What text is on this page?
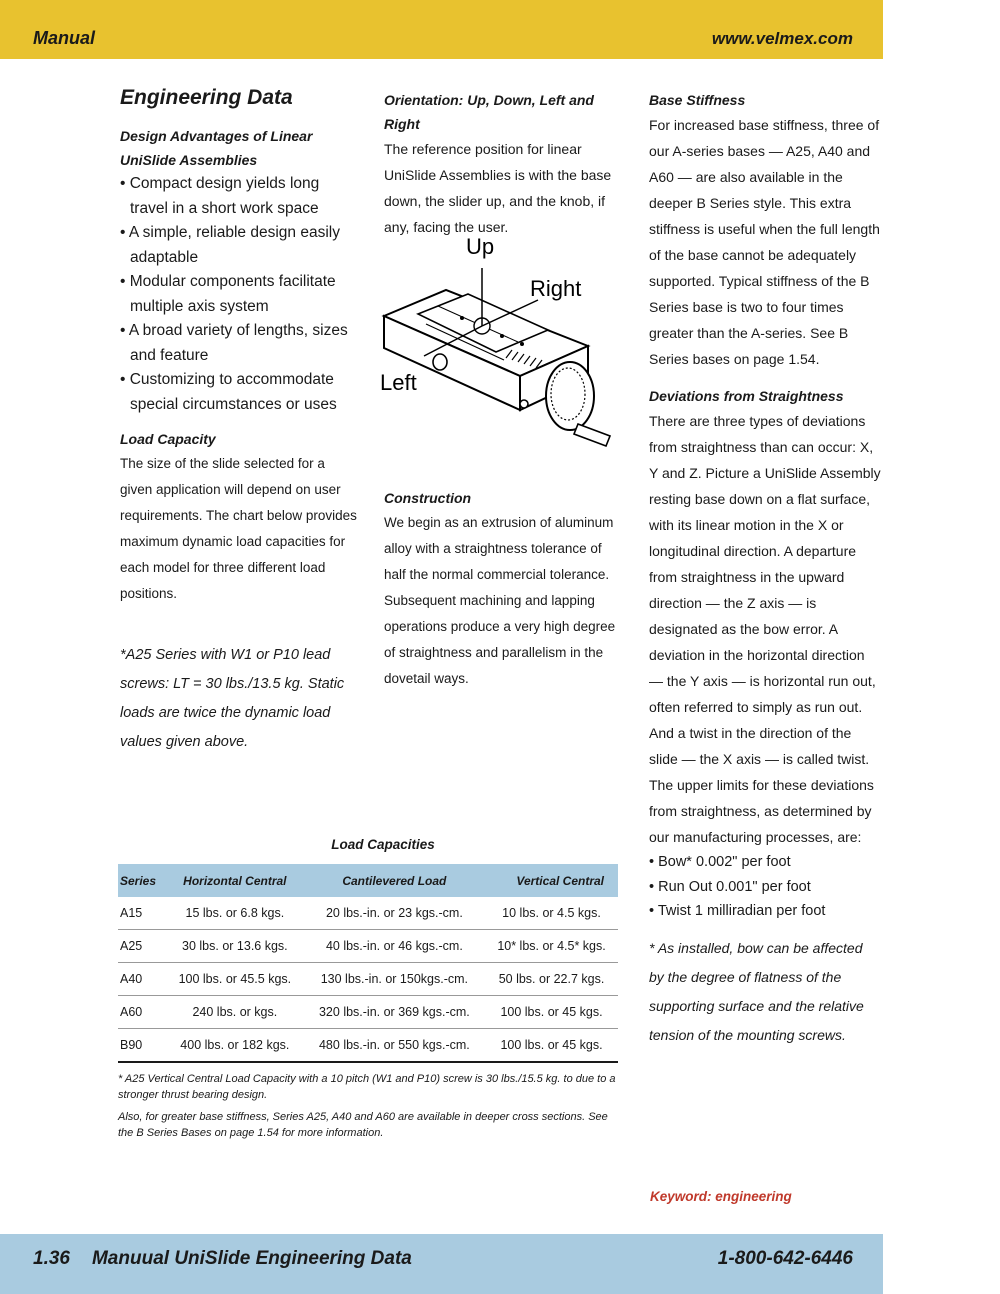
Manual	www.velmex.com
Engineering Data

Design Advantages of Linear

UniSlide Assemblies

• Compact design yields long travel in a short work space
• A simple, reliable design easily adaptable
• Modular components facilitate multiple axis system
• A broad variety of lengths, sizes and feature
• Customizing to accommodate special circumstances or uses

Load Capacity

The size of the slide selected for a given application will depend on user requirements. The chart below provides maximum dynamic load capacities for each model for three different load positions.

*A25 Series with W1 or P10 lead screws: LT = 30 lbs./13.5 kg. Static loads are twice the dynamic load values given above.

Orientation: Up, Down, Left and Right

The reference position for linear UniSlide Assemblies is with the base down, the slider up, and the knob, if any, facing the user.

Up
Right
Left

Construction

We begin as an extrusion of aluminum alloy with a straightness tolerance of half the normal commercial tolerance. Subsequent machining and lapping operations produce a very high degree of straightness and parallelism in the dovetail ways.

Base Stiffness

For increased base stiffness, three of our A-series bases — A25, A40 and A60 — are also available in the deeper B Series style. This extra stiffness is useful when the full length of the base cannot be adequately supported. Typical stiffness of the B Series base is two to four times greater than the A-series. See B Series bases on page 1.54.

Deviations from Straightness

There are three types of deviations from straightness than can occur: X, Y and Z. Picture a UniSlide Assembly resting base down on a flat surface, with its linear motion in the X or longitudinal direction. A departure from straightness in the upward direction — the Z axis — is designated as the bow error. A deviation in the horizontal direction — the Y axis — is horizontal run out, often referred to simply as run out. And a twist in the direction of the slide — the X axis — is called twist. The upper limits for these deviations from straightness, as determined by our manufacturing processes, are:

• Bow* 0.002" per foot
• Run Out 0.001" per foot
• Twist 1 milliradian per foot

* As installed, bow can be affected by the degree of flatness of the supporting surface and the relative tension of the mounting screws.

Load Capacities
Series	Horizontal Central	Cantilevered Load	Vertical Central
A15	15 lbs. or 6.8 kgs.	20 lbs.-in. or 23 kgs.-cm.	10 lbs. or 4.5 kgs.
A25	30 lbs. or 13.6 kgs.	40 lbs.-in. or 46 kgs.-cm.	10* lbs. or 4.5* kgs.
A40	100 lbs. or 45.5 kgs.	130 lbs.-in. or 150kgs.-cm.	50 lbs. or 22.7 kgs.
A60	240 lbs. or kgs.	320 lbs.-in. or 369 kgs.-cm.	100 lbs. or 45 kgs.
B90	400 lbs. or 182 kgs.	480 lbs.-in. or 550 kgs.-cm.	100 lbs. or 45 kgs.

* A25 Vertical Central Load Capacity with a 10 pitch (W1 and P10) screw is 30 lbs./15.5 kg. to due to a stronger thrust bearing design.

Also, for greater base stiffness, Series A25, A40 and A60 are available in deeper cross sections. See the B Series Bases on page 1.54 for more information.

Keyword: engineering
1.36 Manuual UniSlide Engineering Data	1-800-642-6446
